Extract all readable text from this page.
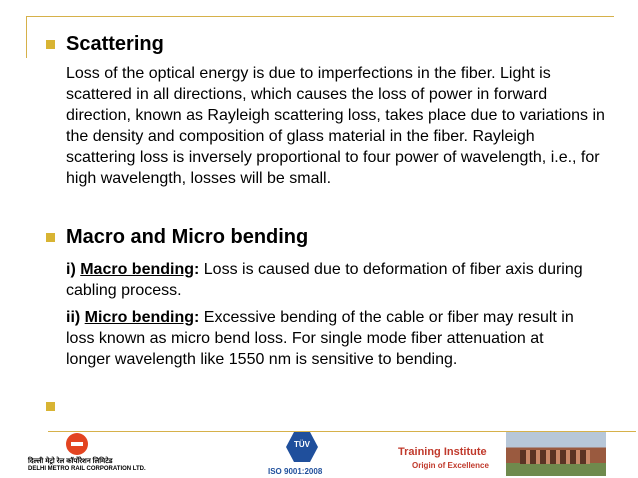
Scattering
Loss of the optical energy is due to imperfections in the fiber. Light is scattered in all directions, which causes the loss of power in forward direction, known as Rayleigh scattering loss, takes place due to variations in the density and composition of glass material in the fiber. Rayleigh scattering loss is inversely proportional to four power of wavelength, i.e., for high wavelength, losses will be small.
Macro and Micro bending
i) Macro bending: Loss is caused due to deformation of fiber axis during cabling process.
ii) Micro bending: Excessive bending of the cable or fiber may result in loss known as micro bend loss. For single mode fiber attenuation at longer wavelength like 1550 nm is sensitive to bending.
दिल्ली मेट्रो रेल कॉर्पोरेशन लिमिटेड
DELHI METRO RAIL CORPORATION LTD.
TÜV
ISO 9001:2008
Training Institute
Origin of Excellence
